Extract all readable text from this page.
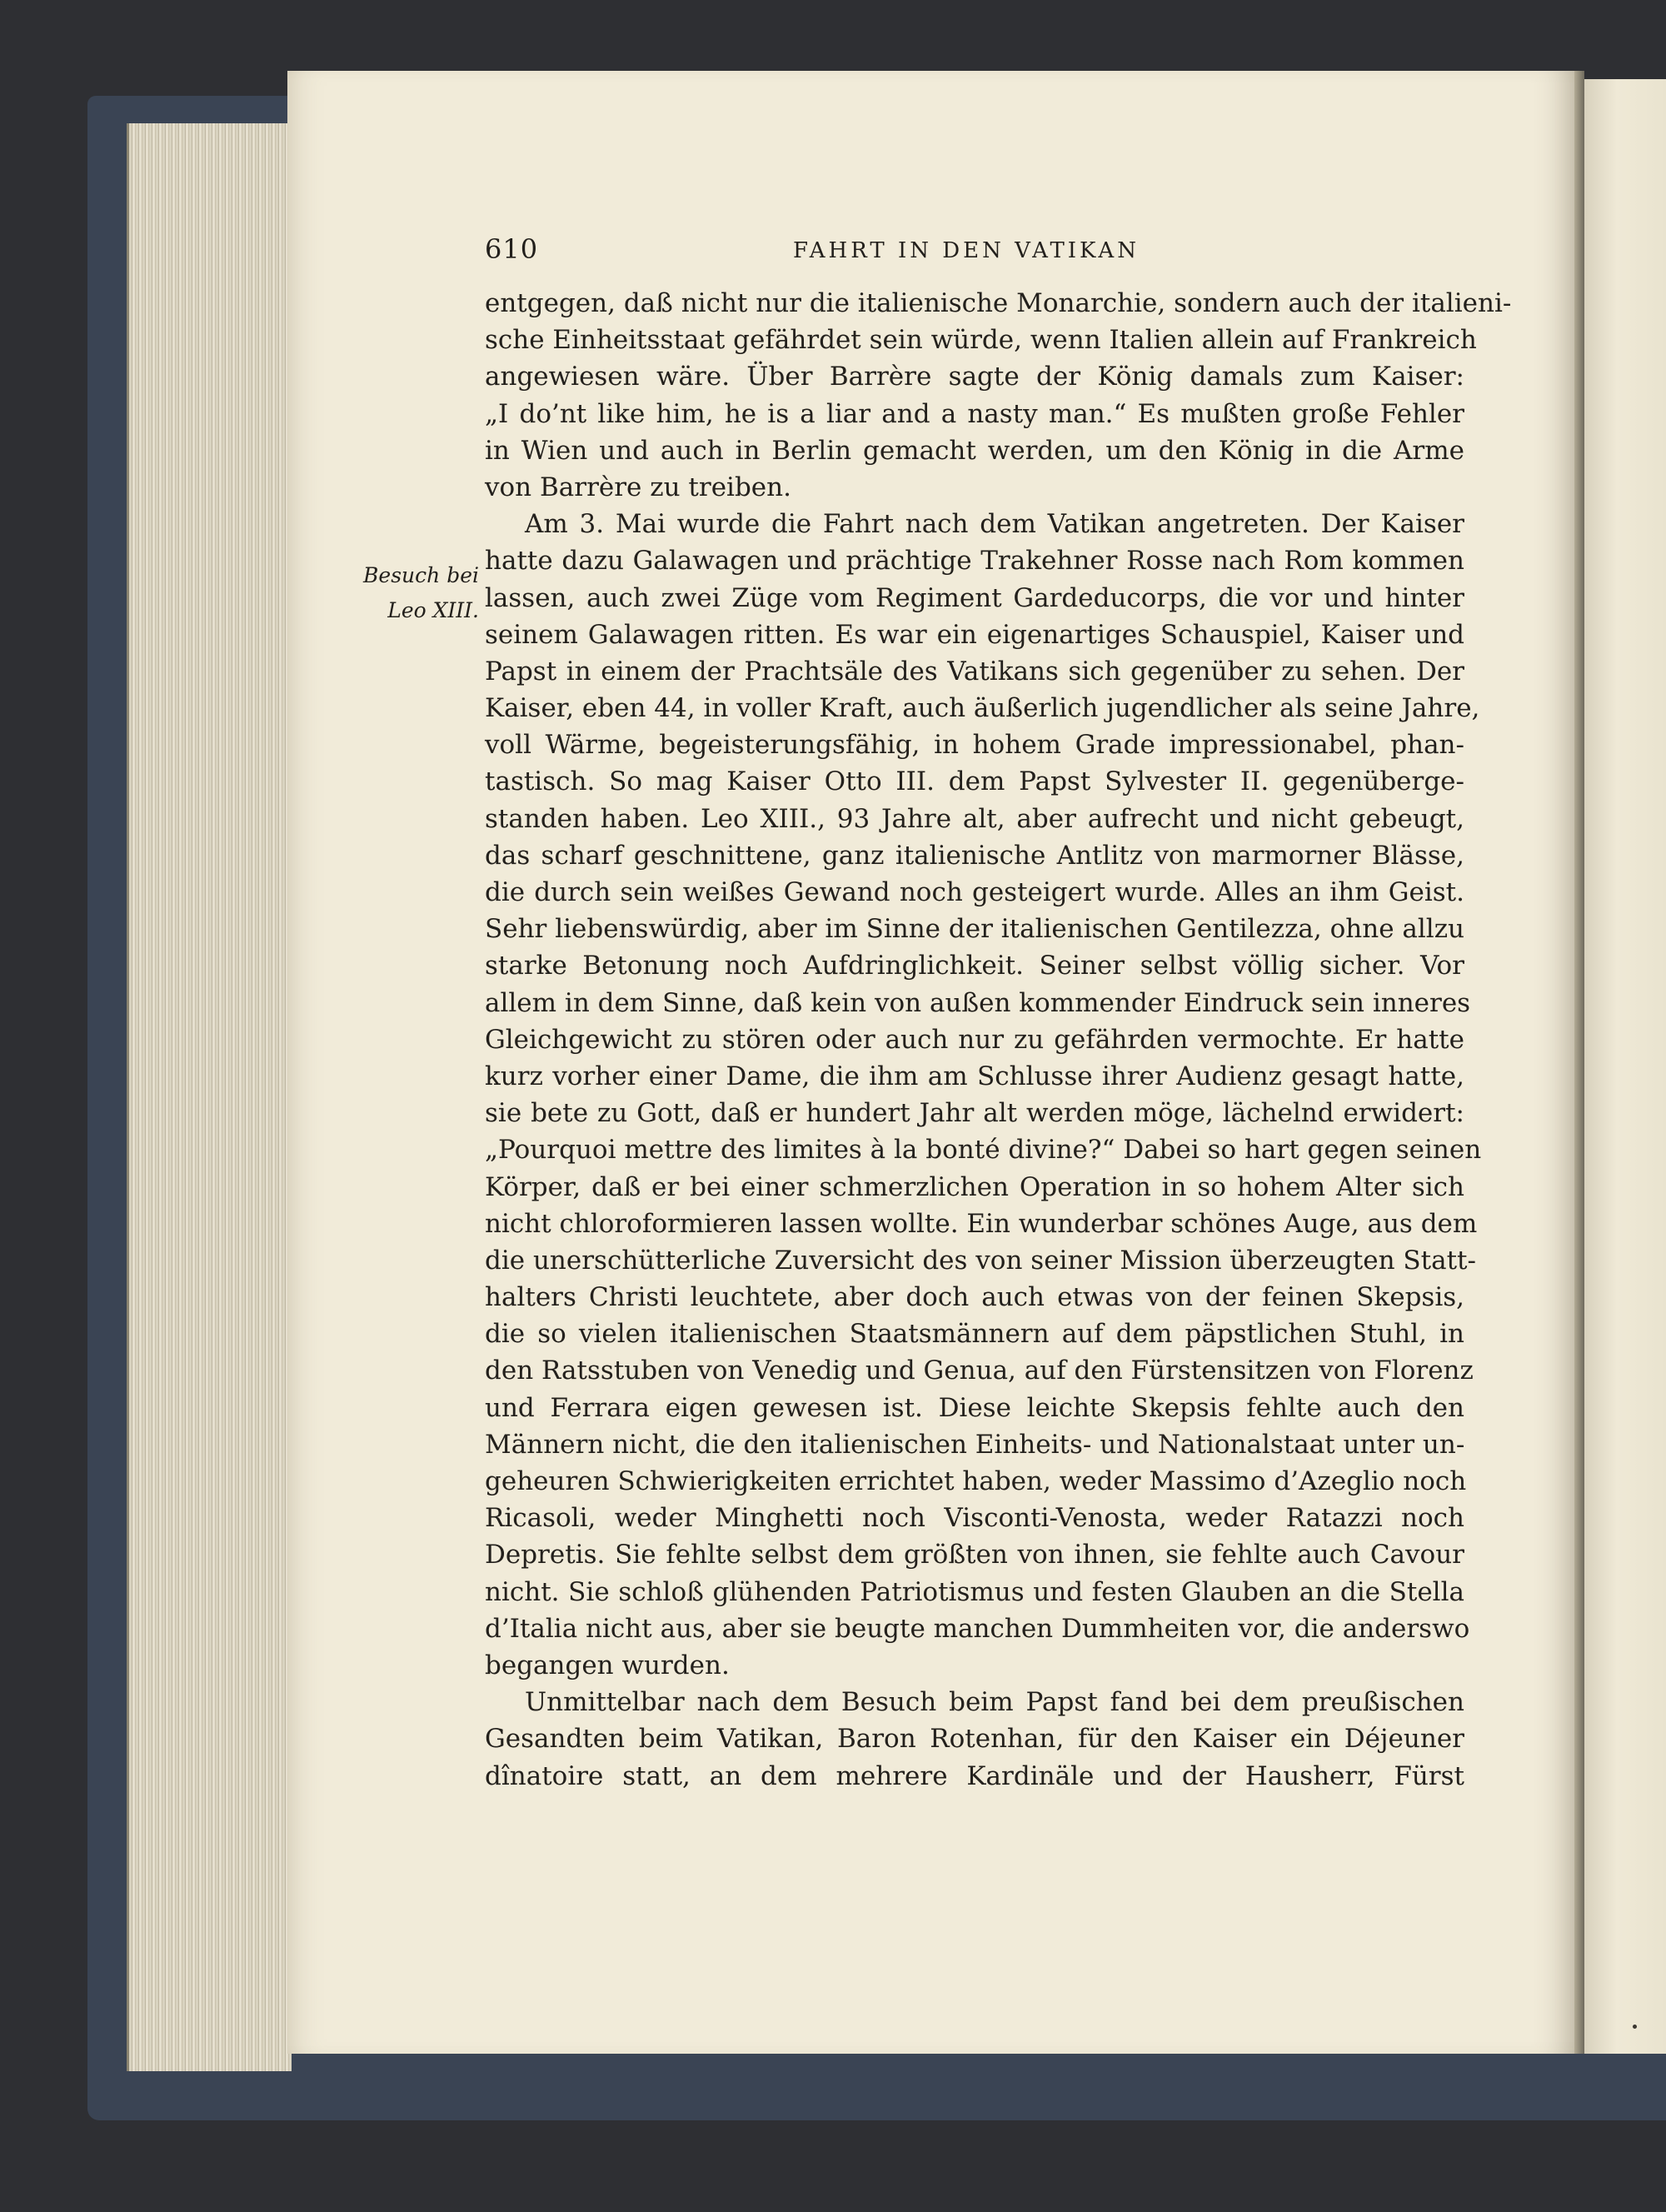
Besuch bei
Leo XIII.
610	FAHRT IN DEN VATIKAN
entgegen, daß nicht nur die italienische Monarchie, sondern auch der italieni-
sche Einheitsstaat gefährdet sein würde, wenn Italien allein auf Frankreich
angewiesen wäre. Über Barrère sagte der König damals zum Kaiser:
„I do’nt like him, he is a liar and a nasty man.“ Es mußten große Fehler
in Wien und auch in Berlin gemacht werden, um den König in die Arme
von Barrère zu treiben.
Am 3. Mai wurde die Fahrt nach dem Vatikan angetreten. Der Kaiser
hatte dazu Galawagen und prächtige Trakehner Rosse nach Rom kommen
lassen, auch zwei Züge vom Regiment Gardeducorps, die vor und hinter
seinem Galawagen ritten. Es war ein eigenartiges Schauspiel, Kaiser und
Papst in einem der Prachtsäle des Vatikans sich gegenüber zu sehen. Der
Kaiser, eben 44, in voller Kraft, auch äußerlich jugendlicher als seine Jahre,
voll Wärme, begeisterungsfähig, in hohem Grade impressionabel, phan-
tastisch. So mag Kaiser Otto III. dem Papst Sylvester II. gegenüberge-
standen haben. Leo XIII., 93 Jahre alt, aber aufrecht und nicht gebeugt,
das scharf geschnittene, ganz italienische Antlitz von marmorner Blässe,
die durch sein weißes Gewand noch gesteigert wurde. Alles an ihm Geist.
Sehr liebenswürdig, aber im Sinne der italienischen Gentilezza, ohne allzu
starke Betonung noch Aufdringlichkeit. Seiner selbst völlig sicher. Vor
allem in dem Sinne, daß kein von außen kommender Eindruck sein inneres
Gleichgewicht zu stören oder auch nur zu gefährden vermochte. Er hatte
kurz vorher einer Dame, die ihm am Schlusse ihrer Audienz gesagt hatte,
sie bete zu Gott, daß er hundert Jahr alt werden möge, lächelnd erwidert:
„Pourquoi mettre des limites à la bonté divine?“ Dabei so hart gegen seinen
Körper, daß er bei einer schmerzlichen Operation in so hohem Alter sich
nicht chloroformieren lassen wollte. Ein wunderbar schönes Auge, aus dem
die unerschütterliche Zuversicht des von seiner Mission überzeugten Statt-
halters Christi leuchtete, aber doch auch etwas von der feinen Skepsis,
die so vielen italienischen Staatsmännern auf dem päpstlichen Stuhl, in
den Ratsstuben von Venedig und Genua, auf den Fürstensitzen von Florenz
und Ferrara eigen gewesen ist. Diese leichte Skepsis fehlte auch den
Männern nicht, die den italienischen Einheits- und Nationalstaat unter un-
geheuren Schwierigkeiten errichtet haben, weder Massimo d’Azeglio noch
Ricasoli, weder Minghetti noch Visconti-Venosta, weder Ratazzi noch
Depretis. Sie fehlte selbst dem größten von ihnen, sie fehlte auch Cavour
nicht. Sie schloß glühenden Patriotismus und festen Glauben an die Stella
d’Italia nicht aus, aber sie beugte manchen Dummheiten vor, die anderswo
begangen wurden.
Unmittelbar nach dem Besuch beim Papst fand bei dem preußischen
Gesandten beim Vatikan, Baron Rotenhan, für den Kaiser ein Déjeuner
dînatoire statt, an dem mehrere Kardinäle und der Hausherr, Fürst
